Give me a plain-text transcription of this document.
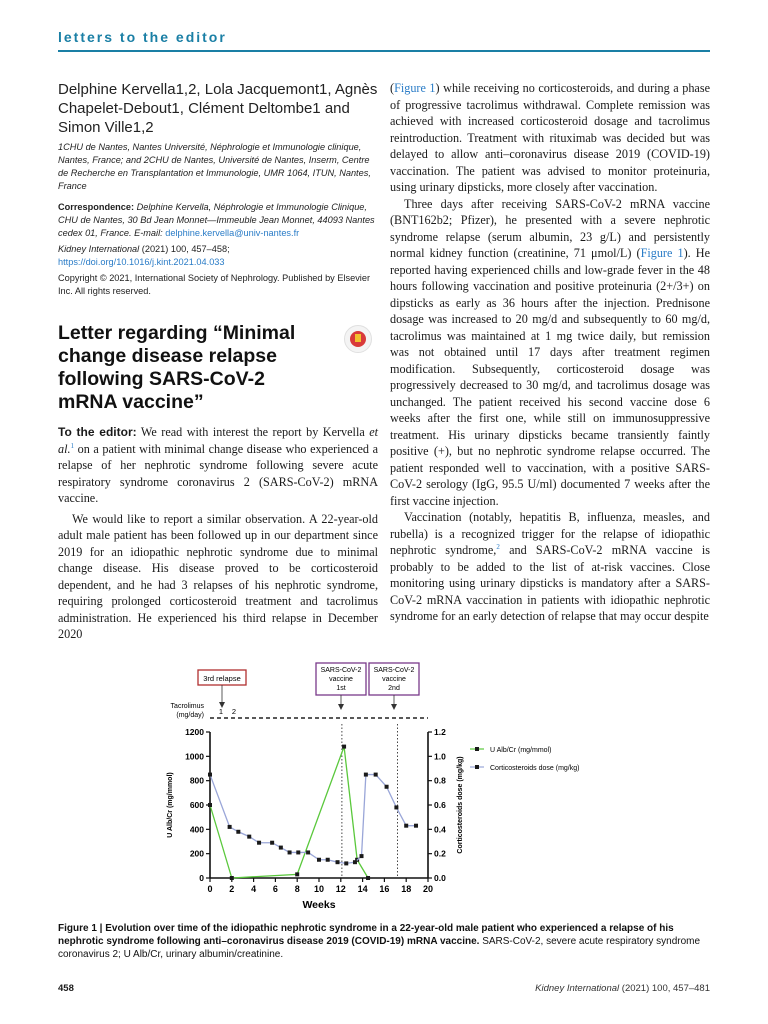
letters to the editor
Delphine Kervella1,2, Lola Jacquemont1, Agnès Chapelet-Debout1, Clément Deltombe1 and Simon Ville1,2
1CHU de Nantes, Nantes Université, Néphrologie et Immunologie clinique, Nantes, France; and 2CHU de Nantes, Université de Nantes, Inserm, Centre de Recherche en Transplantation et Immunologie, UMR 1064, ITUN, Nantes, France
Correspondence: Delphine Kervella, Néphrologie et Immunologie Clinique, CHU de Nantes, 30 Bd Jean Monnet—Immeuble Jean Monnet, 44093 Nantes cedex 01, France. E-mail: delphine.kervella@univ-nantes.fr
Kidney International (2021) 100, 457–458; https://doi.org/10.1016/j.kint.2021.04.033
Copyright © 2021, International Society of Nephrology. Published by Elsevier Inc. All rights reserved.
Letter regarding “Minimal change disease relapse following SARS-CoV-2 mRNA vaccine”

To the editor: We read with interest the report by Kervella et al.$^1$ on a patient with minimal change disease who experienced a relapse of her nephrotic syndrome following severe acute respiratory syndrome coronavirus 2 (SARS-CoV-2) mRNA vaccine.

We would like to report a similar observation. A 22-year-old adult male patient has been followed up in our department since 2019 for an idiopathic nephrotic syndrome due to minimal change disease. His disease proved to be corticosteroid dependent, and he had 3 relapses of his nephrotic syndrome, requiring prolonged corticosteroid treatment and tacrolimus administration. He experienced his third relapse in December 2020

(Figure 1) while receiving no corticosteroids, and during a phase of progressive tacrolimus withdrawal. Complete remission was achieved with increased corticosteroid dosage and tacrolimus reintroduction. Treatment with rituximab was decided but was delayed to allow anti–coronavirus disease 2019 (COVID-19) vaccination. The patient was advised to monitor proteinuria, using urinary dipsticks, more closely after vaccination.

Three days after receiving SARS-CoV-2 mRNA vaccine (BNT162b2; Pfizer), he presented with a severe nephrotic syndrome relapse (serum albumin, 23 g/L) and persistently normal kidney function (creatinine, 71 μmol/L) (Figure 1). He reported having experienced chills and low-grade fever in the 48 hours following vaccination and positive proteinuria (2+/3+) on dipsticks as early as 36 hours after the injection. Prednisone dosage was increased to 20 mg/d and subsequently to 60 mg/d, tacrolimus was maintained at 1 mg twice daily, but remission was not obtained until 17 days after treatment regimen modification. Subsequently, corticosteroid dosage was progressively decreased to 30 mg/d, and tacrolimus dosage was unchanged. The patient received his second vaccine dose 6 weeks after the first one, while still on immunosuppressive treatment. His urinary dipsticks became transiently faintly positive (+), but no nephrotic syndrome relapse occurred. The patient responded well to vaccination, with a positive SARS-CoV-2 serology (IgG, 95.5 U/ml) documented 7 weeks after the first vaccine injection.

Vaccination (notably, hepatitis B, influenza, measles, and rubella) is a recognized trigger for the relapse of idiopathic nephrotic syndrome,$^2$ and SARS-CoV-2 mRNA vaccine is probably to be added to the list of at-risk vaccines. Close monitoring using urinary dipsticks is mandatory after a SARS-CoV-2 mRNA vaccination in patients with idiopathic nephrotic syndrome for an early detection of relapse that may occur despite

3rd relapse
SARS-CoV-2
vaccine
1st
SARS-CoV-2
vaccine
2nd
Tacrolimus
(mg/day) 1 2
0
200
400
600
800
1000
1200
0.0
0.2
0.4
0.6
0.8
1.0
1.2
0 2 4 6 8 10 12 14 16 18 20
Weeks
U Alb/Cr (mg/mmol)	Corticosteroids dose (mg/kg)
U Alb/Cr (mg/mmol)
Corticosteroids dose (mg/kg)
Figure 1 | Evolution over time of the idiopathic nephrotic syndrome in a 22-year-old male patient who experienced a relapse of his nephrotic syndrome following anti–coronavirus disease 2019 (COVID-19) mRNA vaccine. SARS-CoV-2, severe acute respiratory syndrome coronavirus 2; U Alb/Cr, urinary albumin/creatinine.
458	Kidney International (2021) 100, 457–481
